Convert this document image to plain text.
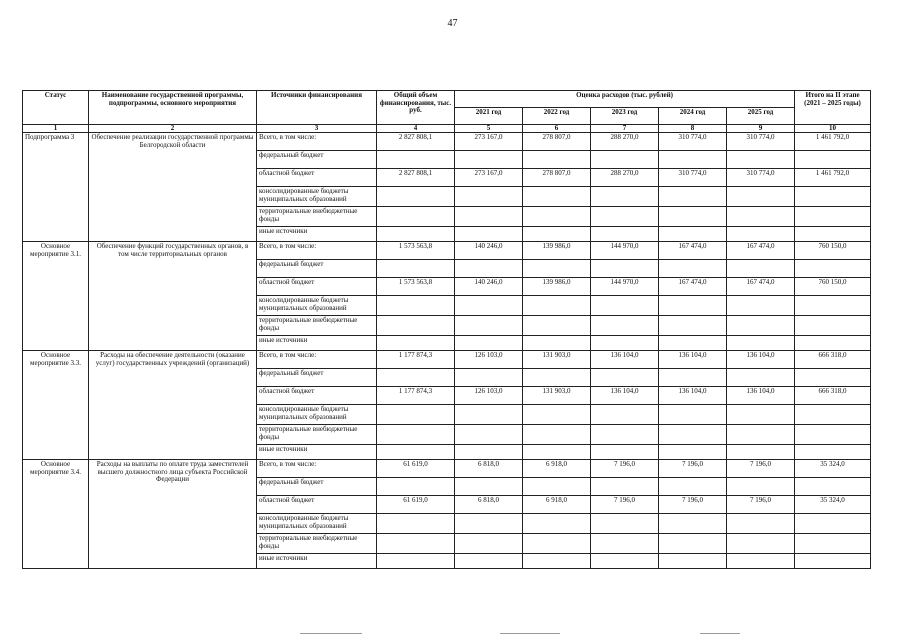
47
Статус	Наименование государственной программы, подпрограммы, основного мероприятия	Источники финансирования	Общий объем финансирования, тыс. руб.	Оценка расходов (тыс. рублей)					Итого на II этапе (2021 – 2025 годы)
				2021 год	2022 год	2023 год	2024 год	2025 год	
1	2	3	4	5	6	7	8	9	10
Подпрограмма 3	Обеспечение реализации государственной программы Белгородской области	Всего, в том числе:	2 827 808,1	273 167,0	278 807,0	288 270,0	310 774,0	310 774,0	1 461 792,0
		федеральный бюджет							
		областной бюджет	2 827 808,1	273 167,0	278 807,0	288 270,0	310 774,0	310 774,0	1 461 792,0
		консолидированные бюджеты муниципальных образований							
		территориальные внебюджетные фонды							
		иные источники							
Основное мероприятие 3.1.	Обеспечение функций государственных органов, в том числе территориальных органов	Всего, в том числе:	1 573 563,8	140 246,0	139 986,0	144 970,0	167 474,0	167 474,0	760 150,0
		федеральный бюджет							
		областной бюджет	1 573 563,8	140 246,0	139 986,0	144 970,0	167 474,0	167 474,0	760 150,0
		консолидированные бюджеты муниципальных образований							
		территориальные внебюджетные фонды							
		иные источники							
Основное мероприятие 3.3.	Расходы на обеспечение деятельности (оказание услуг) государственных учреждений (организаций)	Всего, в том числе:	1 177 874,3	126 103,0	131 903,0	136 104,0	136 104,0	136 104,0	666 318,0
		федеральный бюджет							
		областной бюджет	1 177 874,3	126 103,0	131 903,0	136 104,0	136 104,0	136 104,0	666 318,0
		консолидированные бюджеты муниципальных образований							
		территориальные внебюджетные фонды							
		иные источники							
Основное мероприятие 3.4.	Расходы на выплаты по оплате труда заместителей высшего должностного лица субъекта Российской Федерации	Всего, в том числе:	61 619,0	6 818,0	6 918,0	7 196,0	7 196,0	7 196,0	35 324,0
		федеральный бюджет							
		областной бюджет	61 619,0	6 818,0	6 918,0	7 196,0	7 196,0	7 196,0	35 324,0
		консолидированные бюджеты муниципальных образований							
		территориальные внебюджетные фонды							
		иные источники							
